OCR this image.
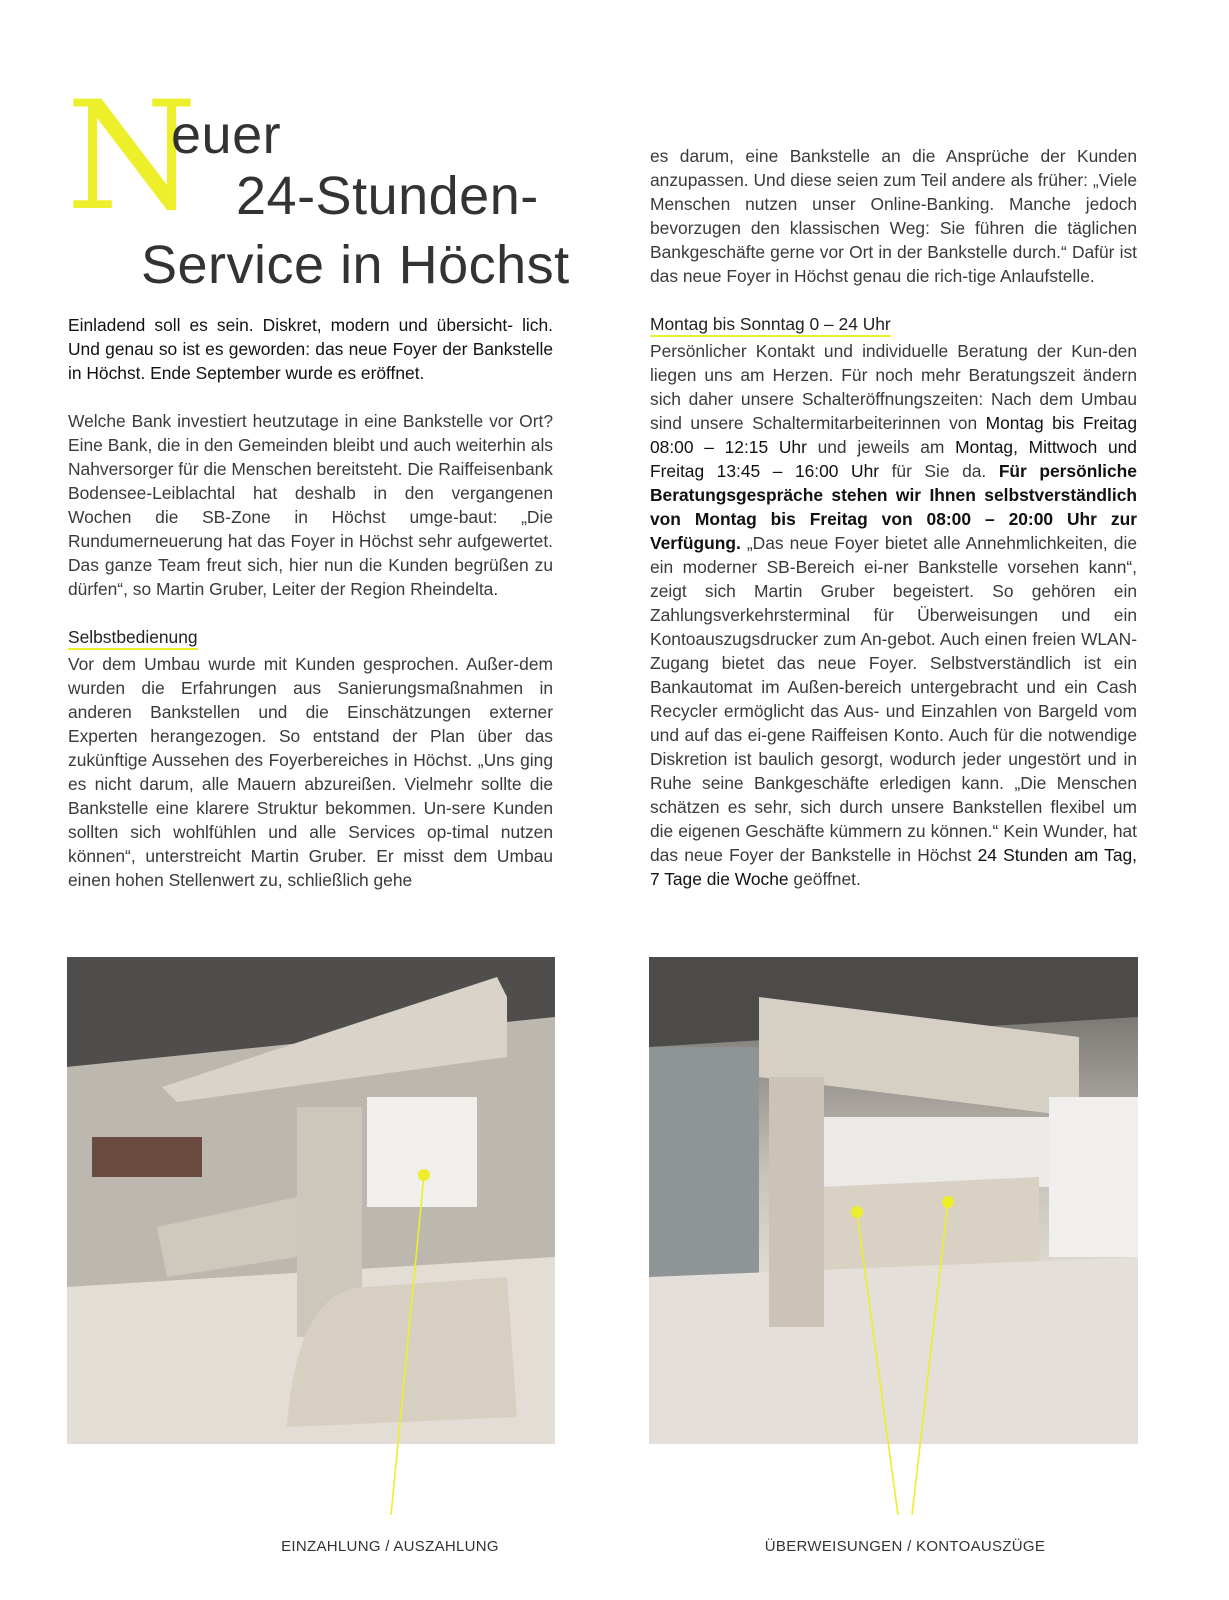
N
euer
24-Stunden-
Service in Höchst

Einladend soll es sein. Diskret, modern und übersicht- lich. Und genau so ist es geworden: das neue Foyer der Bankstelle in Höchst. Ende September wurde es eröffnet.

Welche Bank investiert heutzutage in eine Bankstelle vor Ort? Eine Bank, die in den Gemeinden bleibt und auch weiterhin als Nahversorger für die Menschen bereitsteht. Die Raiffeisenbank Bodensee-Leiblachtal hat deshalb in den vergangenen Wochen die SB-Zone in Höchst umge-baut: „Die Rundumerneuerung hat das Foyer in Höchst sehr aufgewertet. Das ganze Team freut sich, hier nun die Kunden begrüßen zu dürfen“, so Martin Gruber, Leiter der Region Rheindelta.

Selbstbedienung

Vor dem Umbau wurde mit Kunden gesprochen. Außer-dem wurden die Erfahrungen aus Sanierungsmaßnahmen in anderen Bankstellen und die Einschätzungen externer Experten herangezogen. So entstand der Plan über das zukünftige Aussehen des Foyerbereiches in Höchst. „Uns ging es nicht darum, alle Mauern abzureißen. Vielmehr sollte die Bankstelle eine klarere Struktur bekommen. Un-sere Kunden sollten sich wohlfühlen und alle Services op-timal nutzen können“, unterstreicht Martin Gruber. Er misst dem Umbau einen hohen Stellenwert zu, schließlich gehe

es darum, eine Bankstelle an die Ansprüche der Kunden anzupassen. Und diese seien zum Teil andere als früher: „Viele Menschen nutzen unser Online-Banking. Manche jedoch bevorzugen den klassischen Weg: Sie führen die täglichen Bankgeschäfte gerne vor Ort in der Bankstelle durch.“ Dafür ist das neue Foyer in Höchst genau die rich-tige Anlaufstelle.

Montag bis Sonntag 0 – 24 Uhr

Persönlicher Kontakt und individuelle Beratung der Kun-den liegen uns am Herzen. Für noch mehr Beratungszeit ändern sich daher unsere Schalteröffnungszeiten: Nach dem Umbau sind unsere Schaltermitarbeiterinnen von Montag bis Freitag 08:00 – 12:15 Uhr und jeweils am Montag, Mittwoch und Freitag 13:45 – 16:00 Uhr für Sie da. Für persönliche Beratungsgespräche stehen wir Ihnen selbstverständlich von Montag bis Freitag von 08:00 – 20:00 Uhr zur Verfügung. „Das neue Foyer bietet alle Annehmlichkeiten, die ein moderner SB-Bereich ei-ner Bankstelle vorsehen kann“, zeigt sich Martin Gruber begeistert. So gehören ein Zahlungsverkehrsterminal für Überweisungen und ein Kontoauszugsdrucker zum An-gebot. Auch einen freien WLAN-Zugang bietet das neue Foyer. Selbstverständlich ist ein Bankautomat im Außen-bereich untergebracht und ein Cash Recycler ermöglicht das Aus- und Einzahlen von Bargeld vom und auf das ei-gene Raiffeisen Konto. Auch für die notwendige Diskretion ist baulich gesorgt, wodurch jeder ungestört und in Ruhe seine Bankgeschäfte erledigen kann. „Die Menschen schätzen es sehr, sich durch unsere Bankstellen flexibel um die eigenen Geschäfte kümmern zu können.“ Kein Wunder, hat das neue Foyer der Bankstelle in Höchst 24 Stunden am Tag, 7 Tage die Woche geöffnet.

EINZAHLUNG / AUSZAHLUNG	ÜBERWEISUNGEN / KONTOAUSZÜGE
